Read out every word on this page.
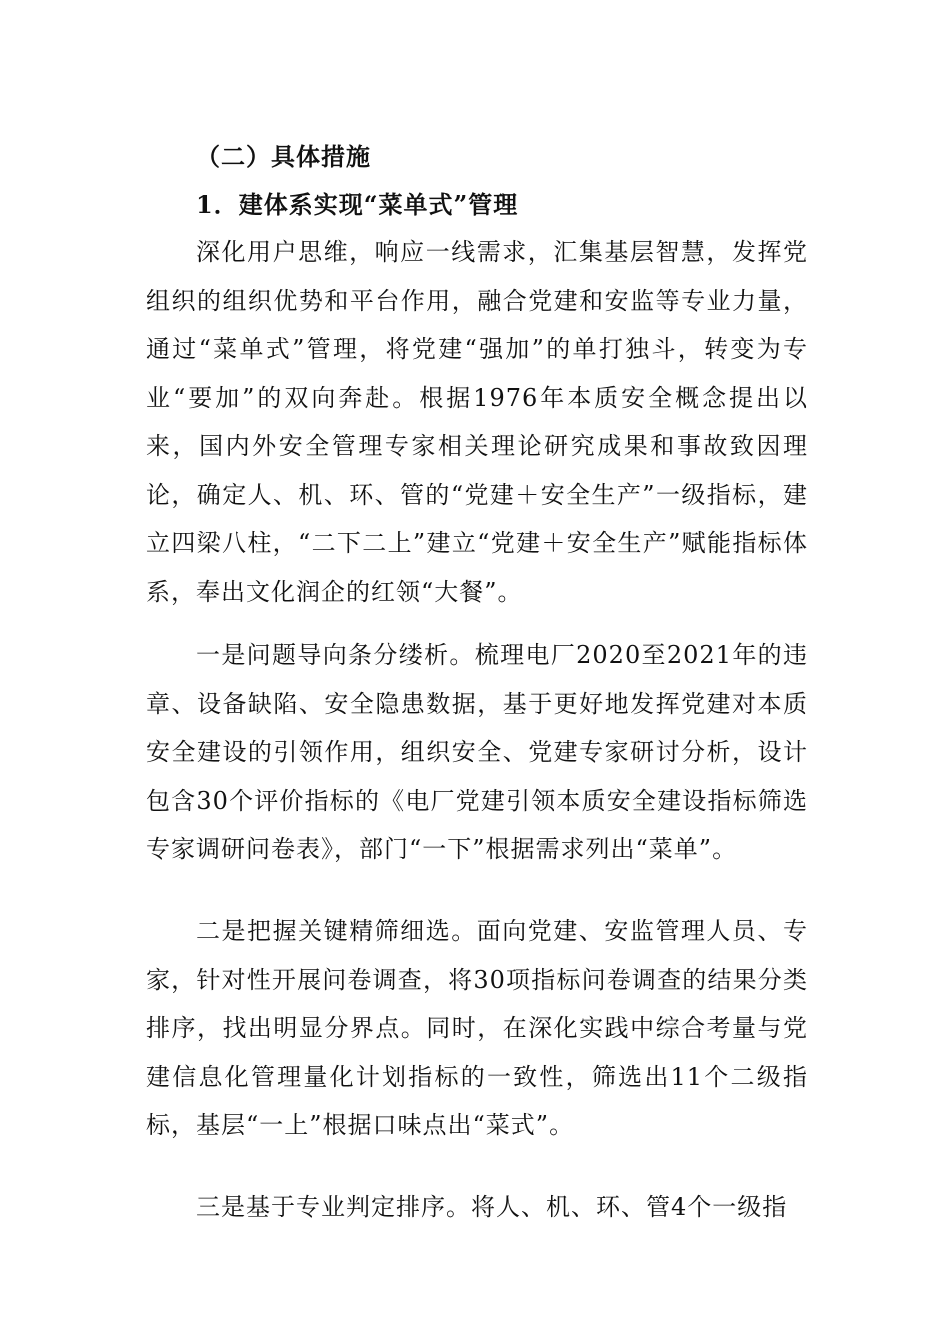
（二）具体措施
1．建体系实现“菜单式”管理

深化用户思维，响应一线需求，汇集基层智慧，发挥党组织的组织优势和平台作用，融合党建和安监等专业力量，通过“菜单式”管理，将党建“强加”的单打独斗，转变为专业“要加”的双向奔赴。根据1976年本质安全概念提出以来，国内外安全管理专家相关理论研究成果和事故致因理论，确定人、机、环、管的“党建＋安全生产”一级指标，建立四梁八柱，“二下二上”建立“党建＋安全生产”赋能指标体系，奉出文化润企的红领“大餐”。

一是问题导向条分缕析。梳理电厂2020至2021年的违章、设备缺陷、安全隐患数据，基于更好地发挥党建对本质安全建设的引领作用，组织安全、党建专家研讨分析，设计包含30个评价指标的《电厂党建引领本质安全建设指标筛选专家调研问卷表》，部门“一下”根据需求列出“菜单”。

二是把握关键精筛细选。面向党建、安监管理人员、专家，针对性开展问卷调查，将30项指标问卷调查的结果分类排序，找出明显分界点。同时，在深化实践中综合考量与党建信息化管理量化计划指标的一致性，筛选出11个二级指标，基层“一上”根据口味点出“菜式”。

三是基于专业判定排序。将人、机、环、管4个一级指
